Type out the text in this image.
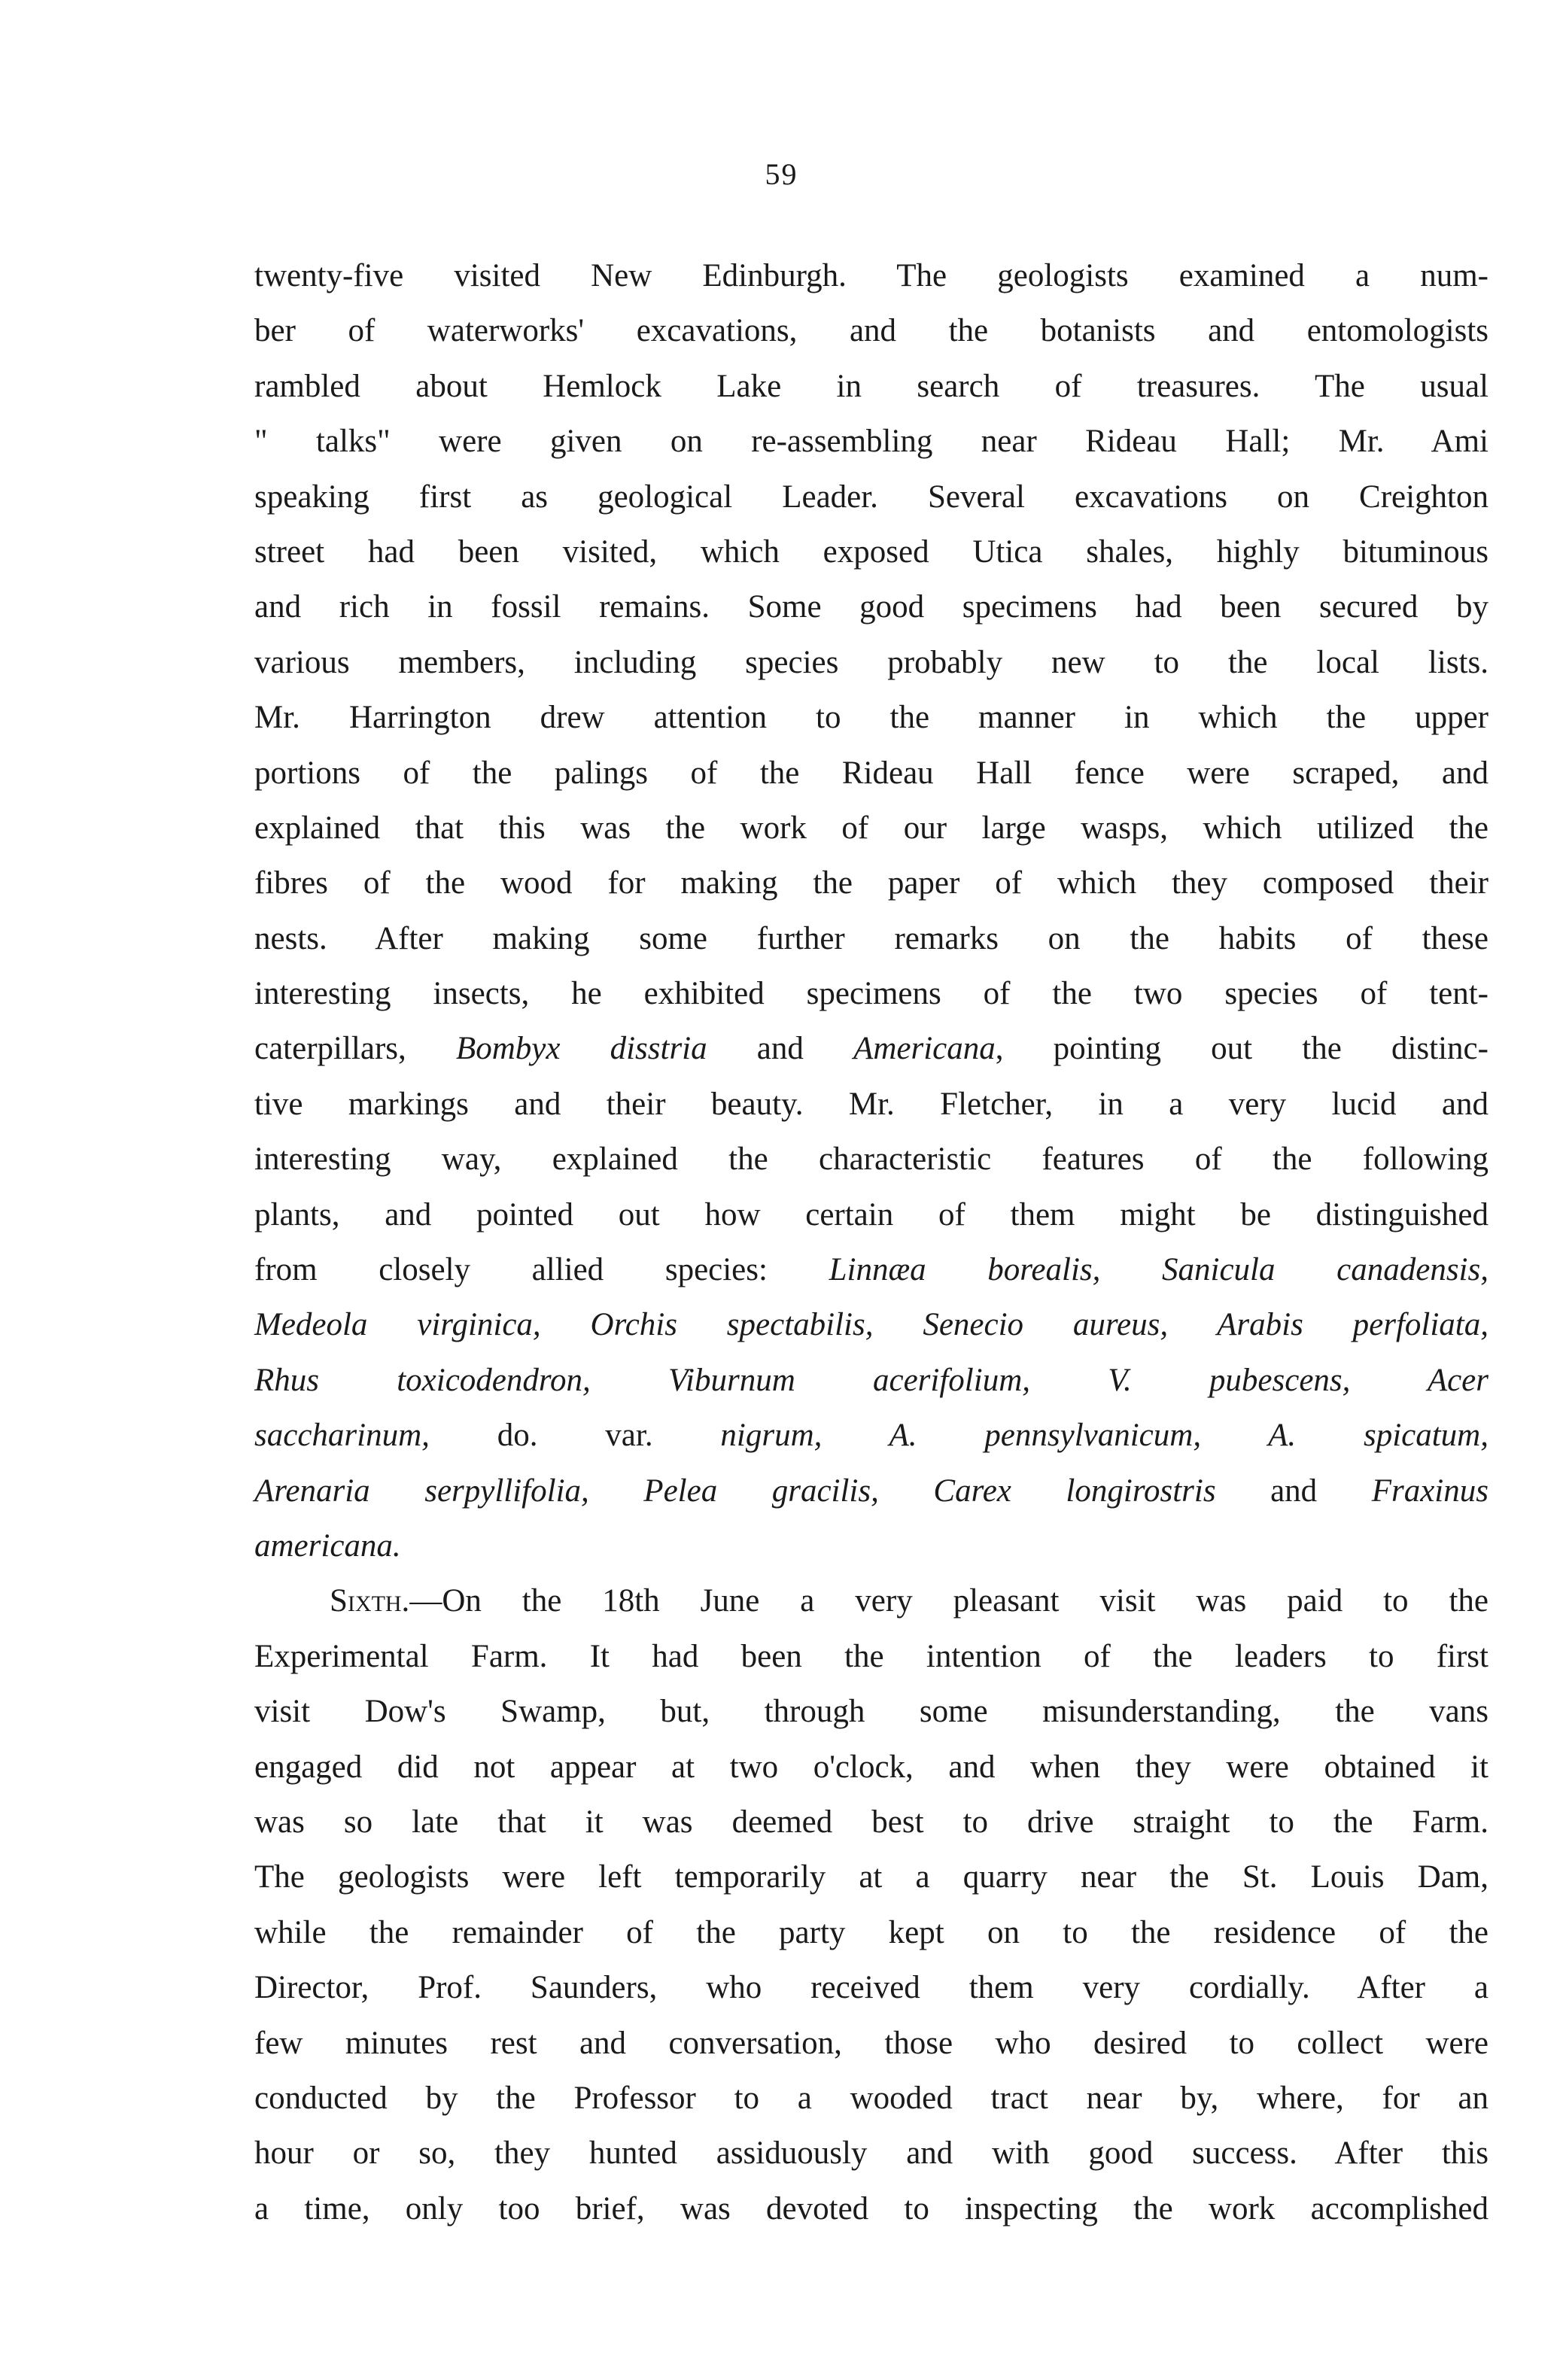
59
twenty-five visited New Edinburgh. The geologists examined a num-
ber of waterworks' excavations, and the botanists and entomologists
rambled about Hemlock Lake in search of treasures. The usual
" talks" were given on re-assembling near Rideau Hall; Mr. Ami
speaking first as geological Leader. Several excavations on Creighton
street had been visited, which exposed Utica shales, highly bituminous
and rich in fossil remains. Some good specimens had been secured by
various members, including species probably new to the local lists.
Mr. Harrington drew attention to the manner in which the upper
portions of the palings of the Rideau Hall fence were scraped, and
explained that this was the work of our large wasps, which utilized the
fibres of the wood for making the paper of which they composed their
nests. After making some further remarks on the habits of these
interesting insects, he exhibited specimens of the two species of tent-
caterpillars, Bombyx disstria and Americana, pointing out the distinc-
tive markings and their beauty. Mr. Fletcher, in a very lucid and
interesting way, explained the characteristic features of the following
plants, and pointed out how certain of them might be distinguished
from closely allied species: Linnæa borealis, Sanicula canadensis,
Medeola virginica, Orchis spectabilis, Senecio aureus, Arabis perfoliata,
Rhus toxicodendron, Viburnum acerifolium, V. pubescens, Acer
saccharinum, do. var. nigrum, A. pennsylvanicum, A. spicatum,
Arenaria serpyllifolia, Pelea gracilis, Carex longirostris and Fraxinus
americana.
Sixth.—On the 18th June a very pleasant visit was paid to the
Experimental Farm. It had been the intention of the leaders to first
visit Dow's Swamp, but, through some misunderstanding, the vans
engaged did not appear at two o'clock, and when they were obtained it
was so late that it was deemed best to drive straight to the Farm.
The geologists were left temporarily at a quarry near the St. Louis Dam,
while the remainder of the party kept on to the residence of the
Director, Prof. Saunders, who received them very cordially. After a
few minutes rest and conversation, those who desired to collect were
conducted by the Professor to a wooded tract near by, where, for an
hour or so, they hunted assiduously and with good success. After this
a time, only too brief, was devoted to inspecting the work accomplished
